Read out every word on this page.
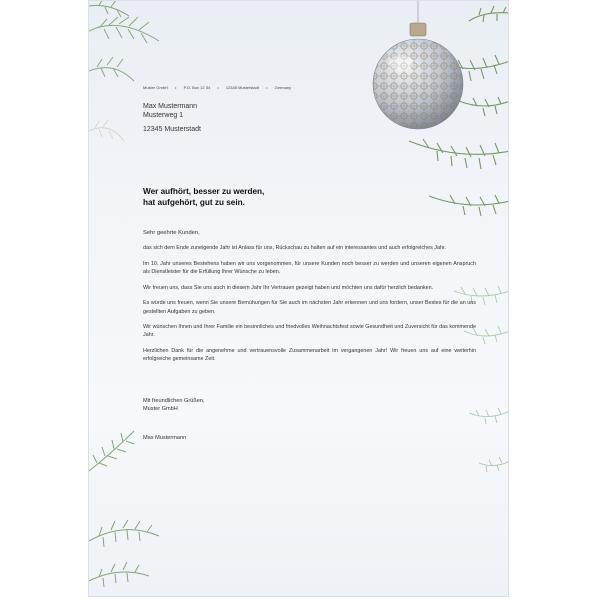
Muster GmbH • P.O. Box 12 34 • 12345 Musterstadt • Germany
Max Mustermann
Musterweg 1
12345 Musterstadt
Wer aufhört, besser zu werden,
hat aufgehört, gut zu sein.
Sehr geehrte Kunden,

das sich dem Ende zuneigende Jahr ist Anlass für uns, Rückschau zu halten auf ein interessantes und auch erfolgreiches Jahr.

Im 10. Jahr unseres Bestehens haben wir uns vorgenommen, für unsere Kunden noch besser zu werden und unseren eigenen Anspruch als Dienstleister für die Erfüllung Ihrer Wünsche zu leben.

Wir freuen uns, dass Sie uns auch in diesem Jahr Ihr Vertrauen gezeigt haben und möchten uns dafür herzlich bedanken.

Es würde uns freuen, wenn Sie unsere Bemühungen für Sie auch im nächsten Jahr erkennen und uns fordern, unser Bestes für die an uns gestellten Aufgaben zu geben.

Wir wünschen Ihnen und Ihrer Familie ein besinnliches und friedvolles Weihnachtsfest sowie Gesundheit und Zuversicht für das kommende Jahr.

Herzlichen Dank für die angenehme und vertrauensvolle Zusammenarbeit im vergangenen Jahr! Wir freuen uns auf eine weiterhin erfolgreiche gemeinsame Zeit.

Mit freundlichen Grüßen,
Muster GmbH
Max Mustermann
